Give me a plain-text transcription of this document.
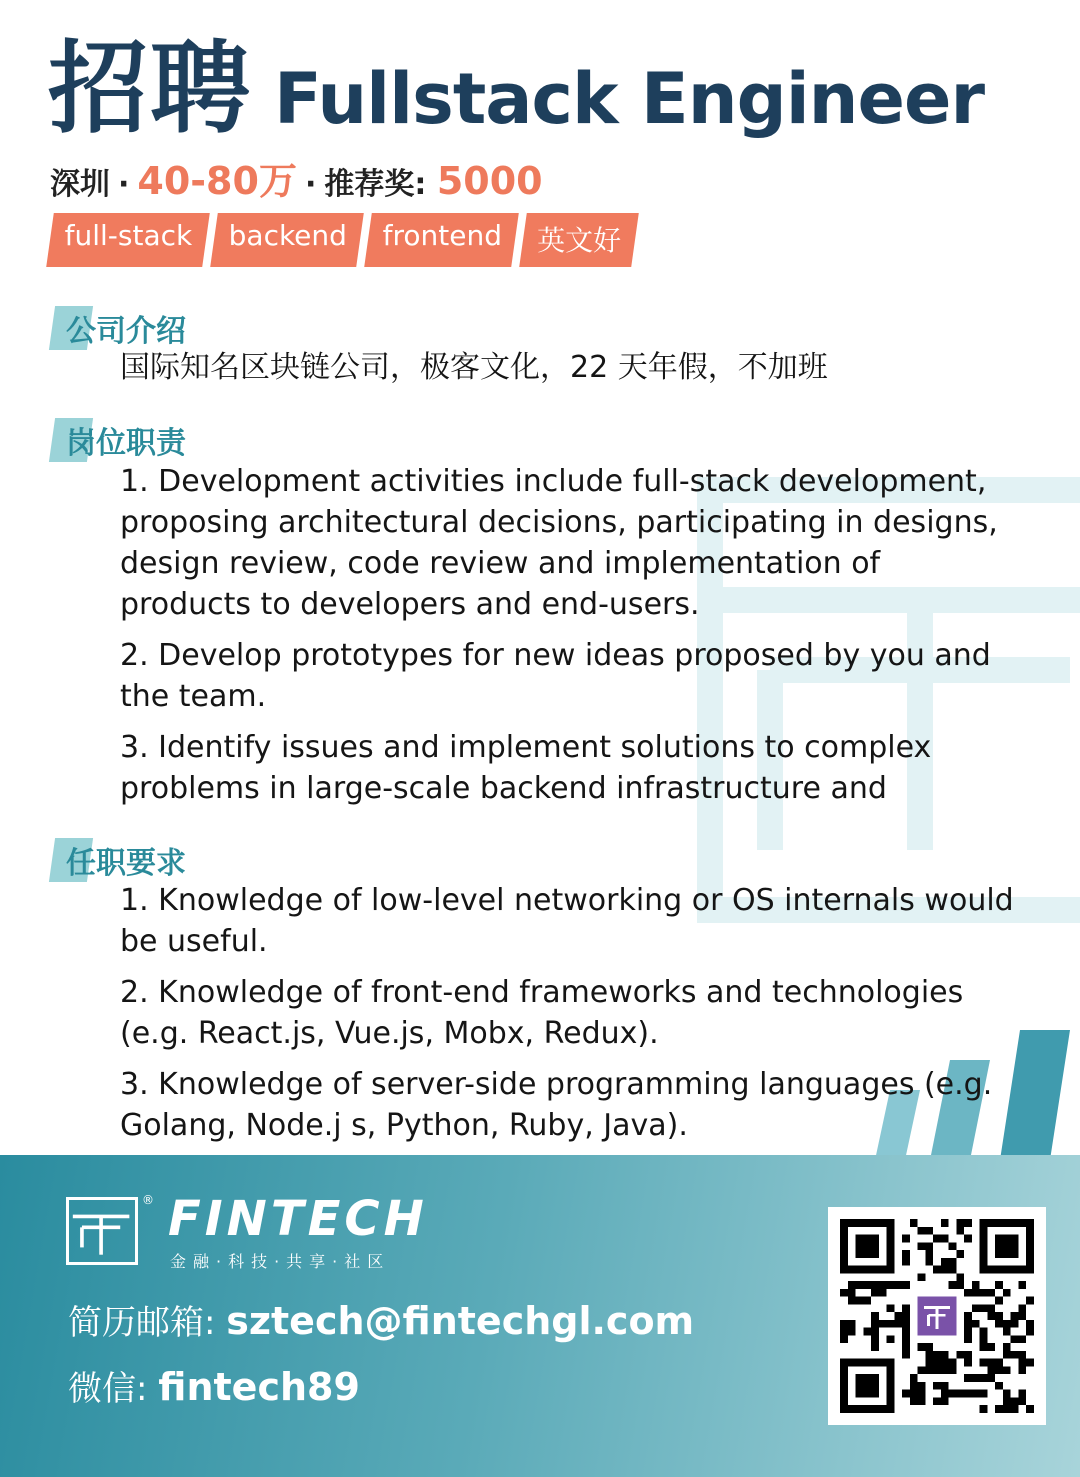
招聘 Fullstack Engineer
深圳 · 40-80万 · 推荐奖: 5000
full-stack	backend	frontend	英文好
公司介绍

国际知名区块链公司，极客文化，22 天年假，不加班

岗位职责

1. Development activities include full-stack development, proposing architectural decisions, participating in designs, design review, code review and implementation of products to developers and end-users.

2. Develop prototypes for new ideas proposed by you and the team.

3. Identify issues and implement solutions to complex problems in large-scale backend infrastructure and

任职要求

1. Knowledge of low-level networking or OS internals would be useful.

2. Knowledge of front-end frameworks and technologies (e.g. React.js, Vue.js, Mobx, Redux).

3. Knowledge of server-side programming languages (e.g. Golang, Node.j s, Python, Ruby, Java).

® FINTECH
金融·科技·共享·社区
简历邮箱: sztech@fintechgl.com
微信: fintech89
